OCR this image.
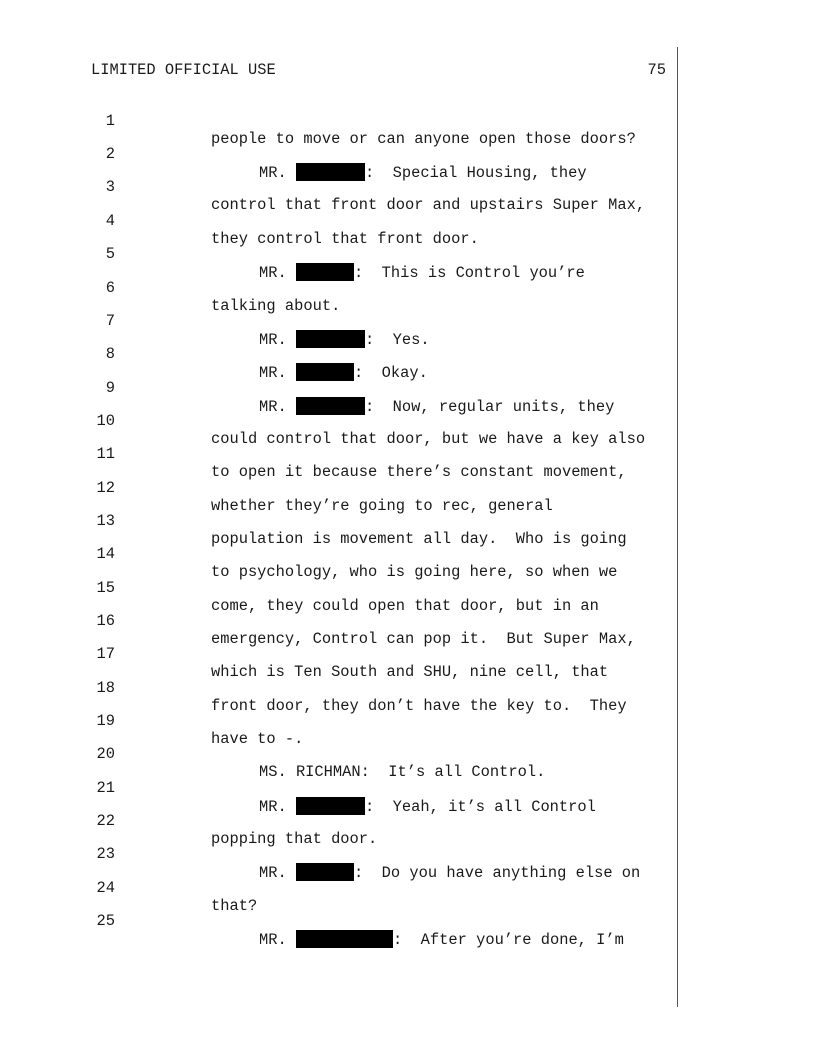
LIMITED OFFICIAL USE	75

1

people to move or can anyone open those doors?

2

MR.	:  Special Housing, they

3

control that front door and upstairs Super Max,

4

they control that front door.

5

MR.	:  This is Control you’re

6

talking about.

7

MR.	:  Yes.

8

MR.	:  Okay.

9

MR.	:  Now, regular units, they

10

could control that door, but we have a key also

11

to open it because there’s constant movement,

12

whether they’re going to rec, general

13

population is movement all day.  Who is going

14

to psychology, who is going here, so when we

15

come, they could open that door, but in an

16

emergency, Control can pop it.  But Super Max,

17

which is Ten South and SHU, nine cell, that

18

front door, they don’t have the key to.  They

19

have to -.

20

MS. RICHMAN:  It’s all Control.

21

MR.	:  Yeah, it’s all Control

22

popping that door.

23

MR.	:  Do you have anything else on

24

that?

25

MR.	:  After you’re done, I’m
